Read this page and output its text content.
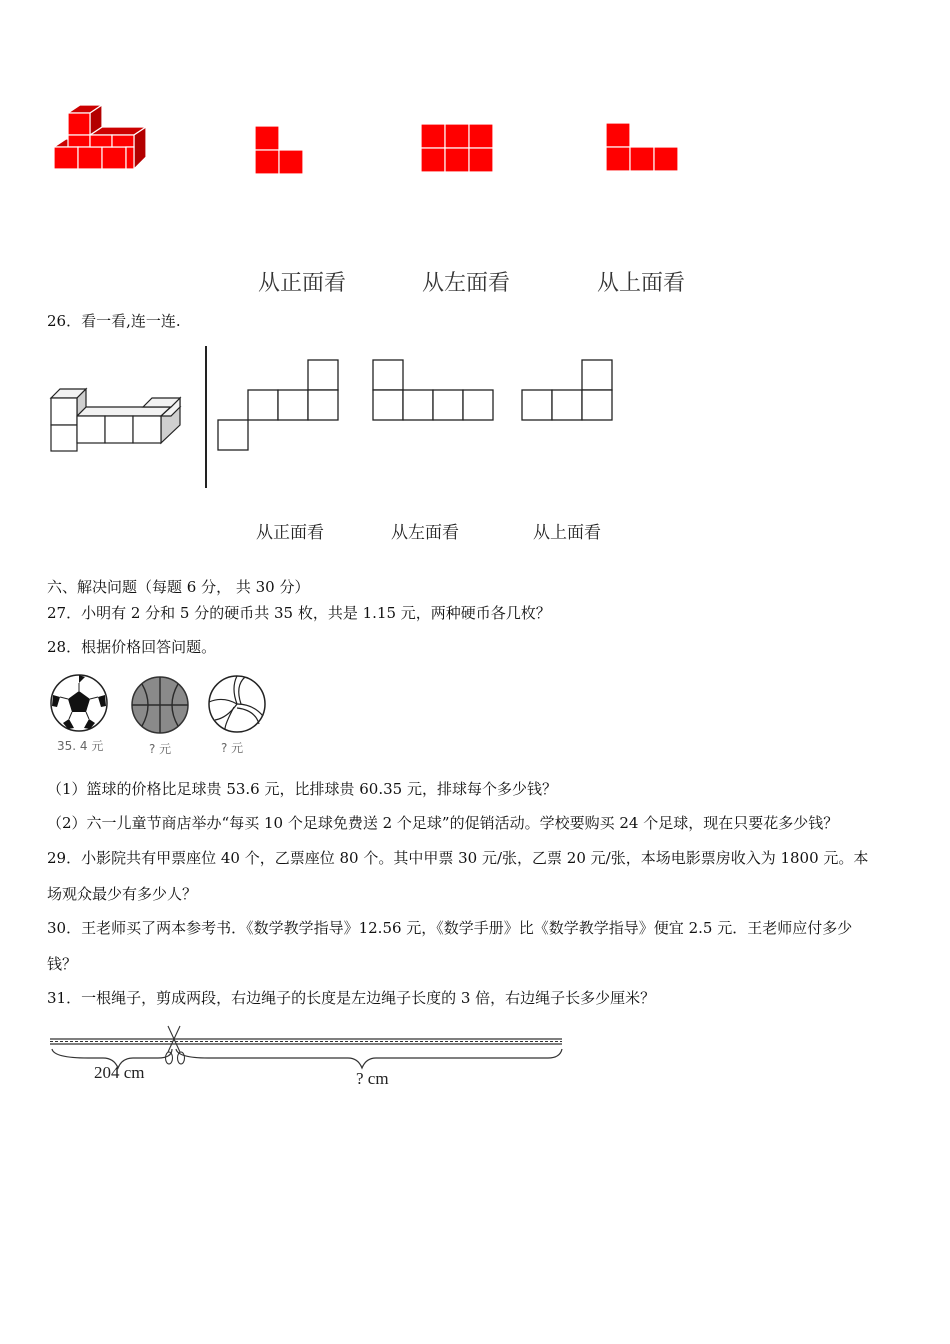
从正面看	从左面看	从上面看
26．看一看,连一连.
从正面看	从左面看	从上面看
六、解决问题（每题 6 分， 共 30 分）
27．小明有 2 分和 5 分的硬币共 35 枚，共是 1.15 元，两种硬币各几枚？
28．根据价格回答问题。
35. 4 元	? 元	? 元
（1）篮球的价格比足球贵 53.6 元，比排球贵 60.35 元，排球每个多少钱？
（2）六一儿童节商店举办“每买 10 个足球免费送 2 个足球”的促销活动。学校要购买 24 个足球，现在只要花多少钱？
29．小影院共有甲票座位 40 个，乙票座位 80 个。其中甲票 30 元/张，乙票 20 元/张，本场电影票房收入为 1800 元。本
场观众最少有多少人？
30．王老师买了两本参考书．《数学教学指导》12.56 元，《数学手册》比《数学教学指导》便宜 2.5 元．王老师应付多少
钱？
31．一根绳子，剪成两段，右边绳子的长度是左边绳子长度的 3 倍，右边绳子长多少厘米？
204 cm	? cm
